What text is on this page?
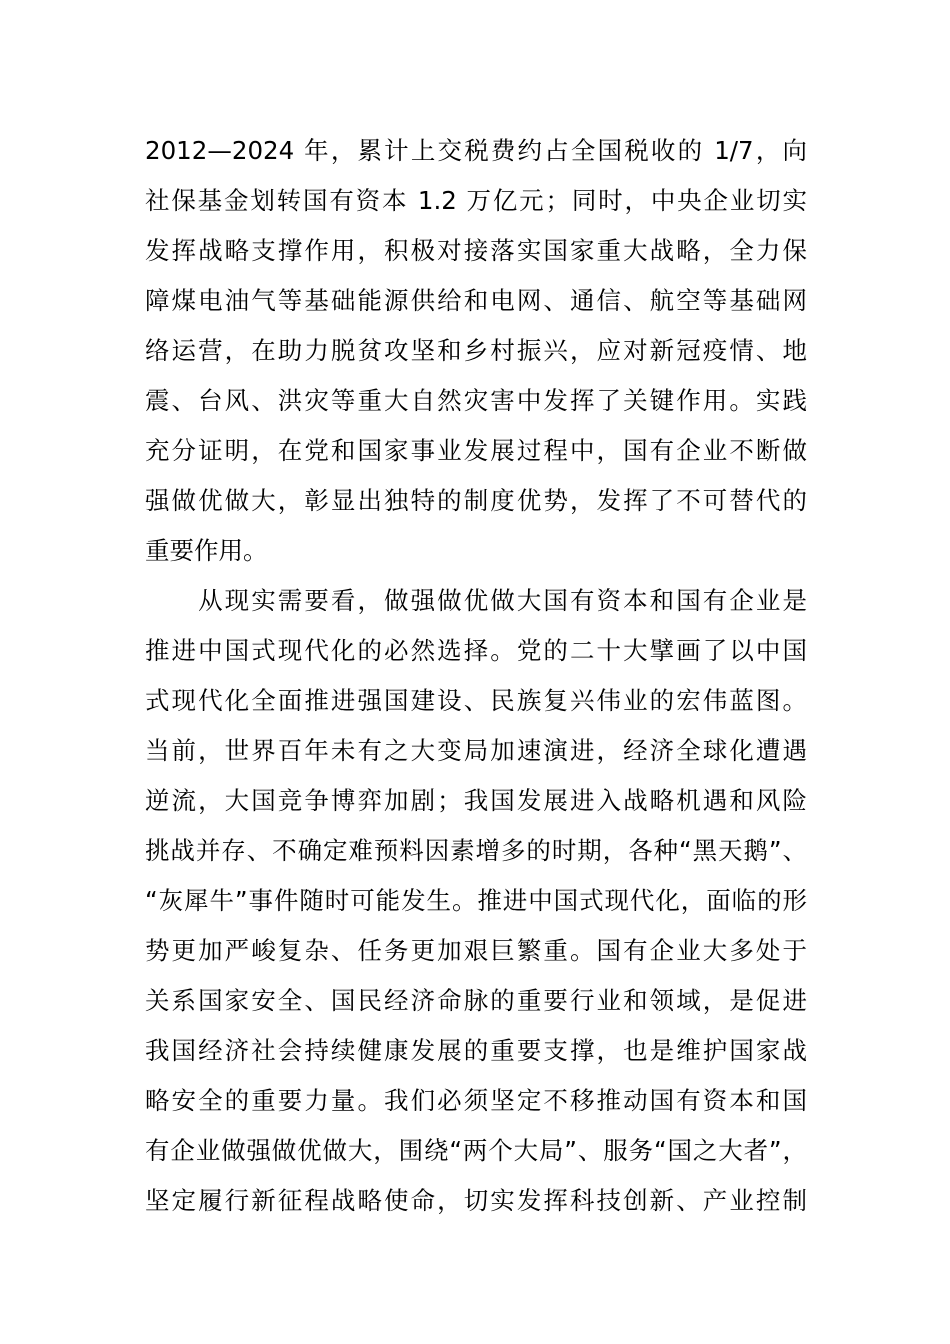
2012—2024 年，累计上交税费约占全国税收的 1/7，向
社保基金划转国有资本 1.2 万亿元；同时，中央企业切实
发挥战略支撑作用，积极对接落实国家重大战略，全力保
障煤电油气等基础能源供给和电网、通信、航空等基础网
络运营，在助力脱贫攻坚和乡村振兴，应对新冠疫情、地
震、台风、洪灾等重大自然灾害中发挥了关键作用。实践
充分证明，在党和国家事业发展过程中，国有企业不断做
强做优做大，彰显出独特的制度优势，发挥了不可替代的
重要作用。
　　从现实需要看，做强做优做大国有资本和国有企业是
推进中国式现代化的必然选择。党的二十大擘画了以中国
式现代化全面推进强国建设、民族复兴伟业的宏伟蓝图。
当前，世界百年未有之大变局加速演进，经济全球化遭遇
逆流，大国竞争博弈加剧；我国发展进入战略机遇和风险
挑战并存、不确定难预料因素增多的时期，各种“黑天鹅”、
“灰犀牛”事件随时可能发生。推进中国式现代化，面临的形
势更加严峻复杂、任务更加艰巨繁重。国有企业大多处于
关系国家安全、国民经济命脉的重要行业和领域，是促进
我国经济社会持续健康发展的重要支撑，也是维护国家战
略安全的重要力量。我们必须坚定不移推动国有资本和国
有企业做强做优做大，围绕“两个大局”、服务“国之大者”，
坚定履行新征程战略使命，切实发挥科技创新、产业控制
